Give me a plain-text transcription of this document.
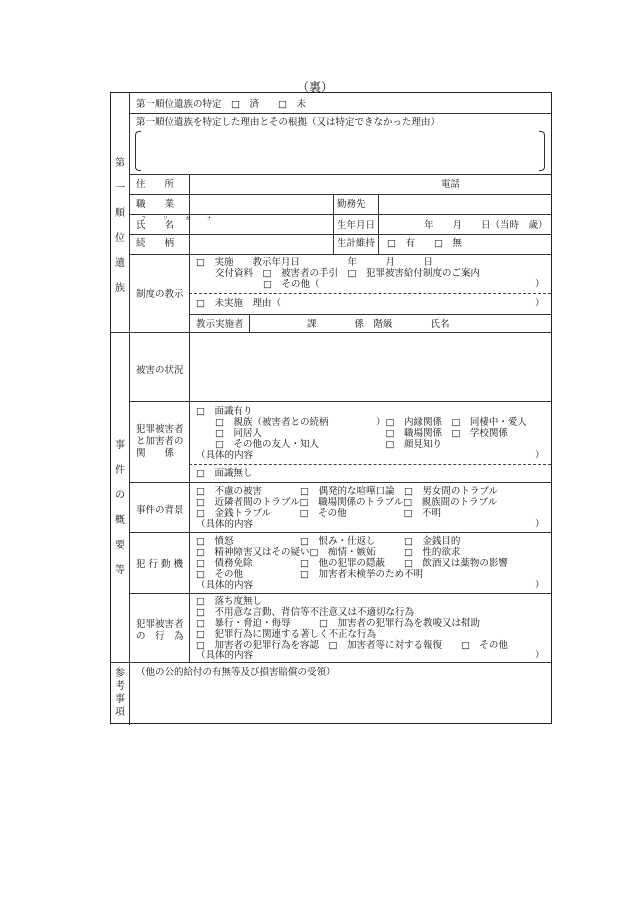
（裏）
第
一
順
位
遺
族
第一順位遺族の特定　□　済　　□　未
第一順位遺族を特定した理由とその根拠（又は特定できなかった理由）
住　　所	電話
職　　業	勤務先
フ　リ　ガ　ナ
氏　　名	生年月日	年　　月　　日（当時　歳）
続　　柄	生計維持 □　有　　□　無
制度の教示
□　実施　　教示年月日　　　　　年　　　月　　　日
交付資料　□　被害者の手引　□　犯罪被害給付制度のご案内
□　その他（	）
□　未実施　理由（	）
教示実施者	課　　　　係　階級　　　　氏名
事
件
の
概
要
等
被害の状況
犯罪被害者
と加害者の
関　　係
□　面識有り
□　親族（被害者との続柄　　　　　）□　内縁関係　□　同棲中・愛人
□　同居人　　　　　　　　　　　　　□　職場関係　□　学校関係
□　その他の友人・知人　　　　　　　□　顔見知り
（具体的内容	）
□　面識無し
事件の背景
□　不慮の被害　　　　□　偶発的な喧嘩口論　□　男女間のトラブル
□　近隣者間のトラブル□　職場関係のトラブル□　親族間のトラブル
□　金銭トラブル　　　□　その他　　　　　　□　不明
（具体的内容	）
犯 行 動 機
□　憤怒　　　　　　　□　恨み・仕返し　　　□　金銭目的
□　精神障害又はその疑い□　痴情・嫉妬　　　□　性的欲求
□　債務免除　　　　　□　他の犯罪の隠蔽　　□　飲酒又は薬物の影響
□　その他　　　　　　□　加害者未検挙のため不明
（具体的内容	）
犯罪被害者
の　行　為
□　落ち度無し
□　不用意な言動、背信等不注意又は不適切な行為
□　暴行・脅迫・侮辱　　　□　加害者の犯罪行為を教唆又は幇助
□　犯罪行為に関連する著しく不正な行為
□　加害者の犯罪行為を容認　□　加害者等に対する報復　　□　その他
（具体的内容	）
参
考
事
項
（他の公的給付の有無等及び損害賠償の受領）
